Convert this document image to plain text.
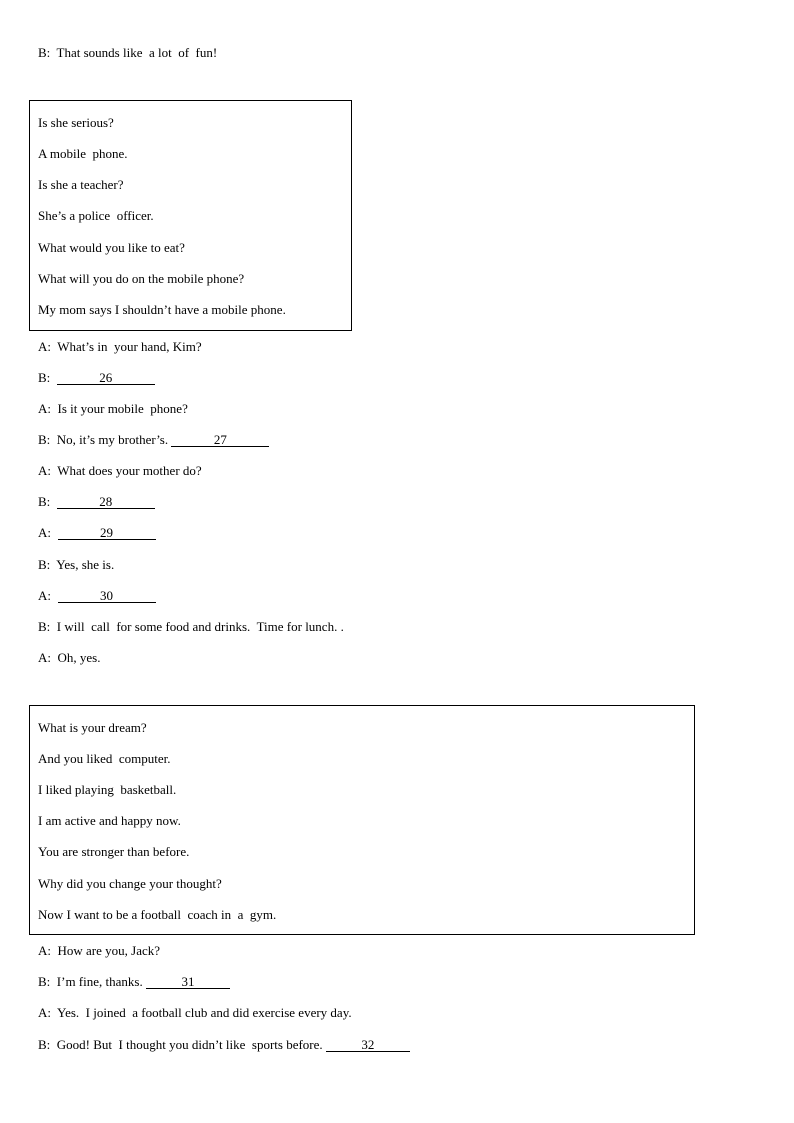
B:  That sounds like  a lot  of  fun!
Is she serious?
A mobile  phone.
Is she a teacher?
She’s a police  officer.
What would you like to eat?
What will you do on the mobile phone?
My mom says I shouldn’t have a mobile phone.
A:  What’s in  your hand, Kim?
B:	26
A:  Is it your mobile  phone?
B:  No, it’s my brother’s.	27
A:  What does your mother do?
B:	28
A:	29
B:  Yes, she is.
A:	30
B:  I will  call  for some food and drinks.  Time for lunch. .
A:  Oh, yes.
What is your dream?
And you liked  computer.
I liked playing  basketball.
I am active and happy now.
You are stronger than before.
Why did you change your thought?
Now I want to be a football  coach in  a  gym.
A:  How are you, Jack?
B:  I’m fine, thanks.	31
A:  Yes.  I joined  a football club and did exercise every day.
B:  Good! But  I thought you didn’t like  sports before.	32
